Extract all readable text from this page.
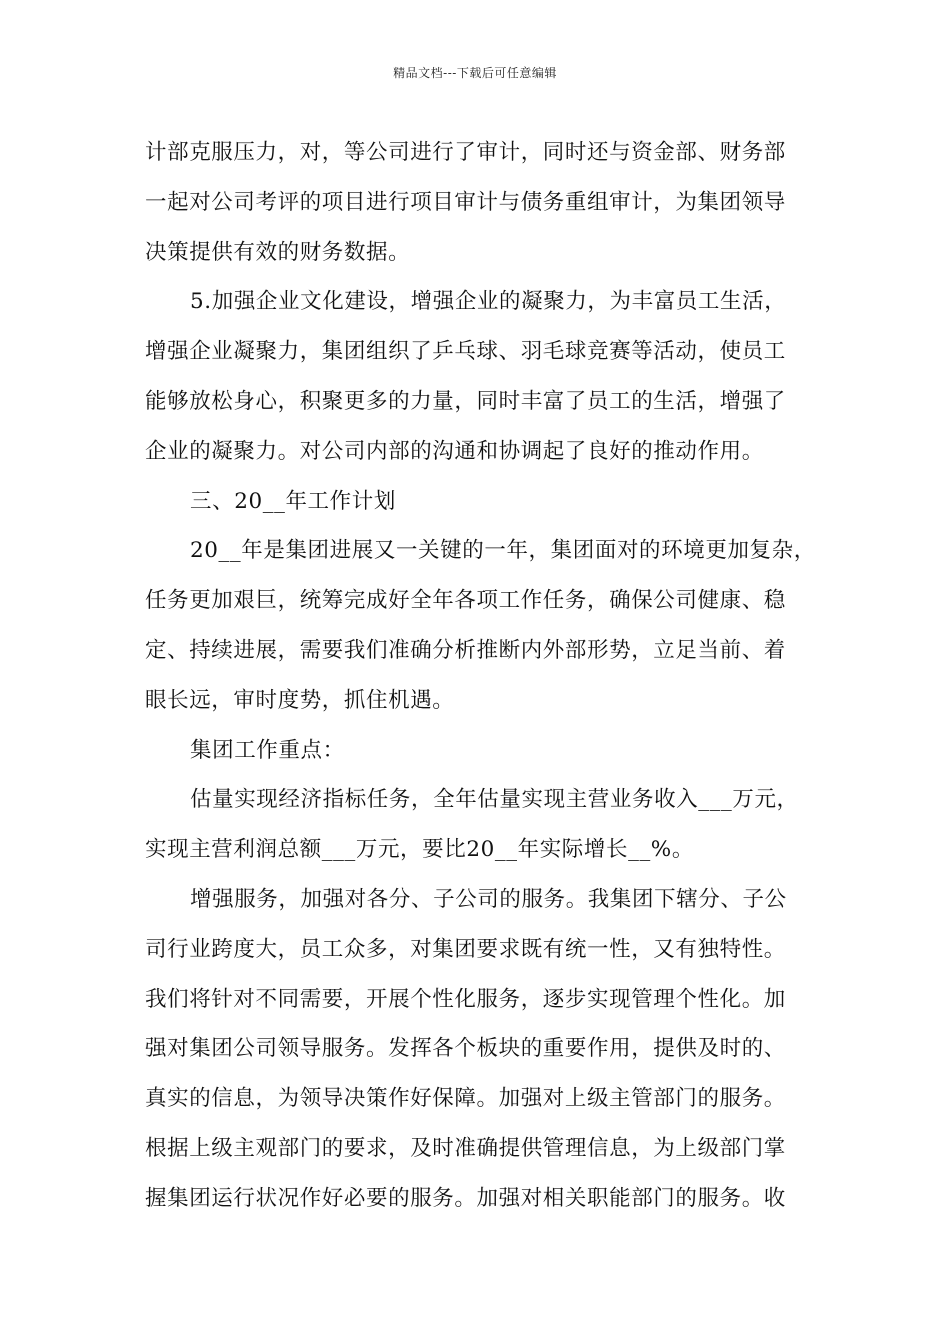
精品文档---下载后可任意编辑
计部克服压力，对，等公司进行了审计，同时还与资金部、财务部
一起对公司考评的项目进行项目审计与债务重组审计，为集团领导
决策提供有效的财务数据。
5.加强企业文化建设，增强企业的凝聚力，为丰富员工生活，
增强企业凝聚力，集团组织了乒乓球、羽毛球竞赛等活动，使员工
能够放松身心，积聚更多的力量，同时丰富了员工的生活，增强了
企业的凝聚力。对公司内部的沟通和协调起了良好的推动作用。
三、20__年工作计划
20__年是集团进展又一关键的一年，集团面对的环境更加复杂，
任务更加艰巨，统筹完成好全年各项工作任务，确保公司健康、稳
定、持续进展，需要我们准确分析推断内外部形势，立足当前、着
眼长远，审时度势，抓住机遇。
集团工作重点：
估量实现经济指标任务，全年估量实现主营业务收入___万元，
实现主营利润总额___万元，要比20__年实际增长__%。
增强服务，加强对各分、子公司的服务。我集团下辖分、子公
司行业跨度大，员工众多，对集团要求既有统一性，又有独特性。
我们将针对不同需要，开展个性化服务，逐步实现管理个性化。加
强对集团公司领导服务。发挥各个板块的重要作用，提供及时的、
真实的信息，为领导决策作好保障。加强对上级主管部门的服务。
根据上级主观部门的要求，及时准确提供管理信息，为上级部门掌
握集团运行状况作好必要的服务。加强对相关职能部门的服务。收
